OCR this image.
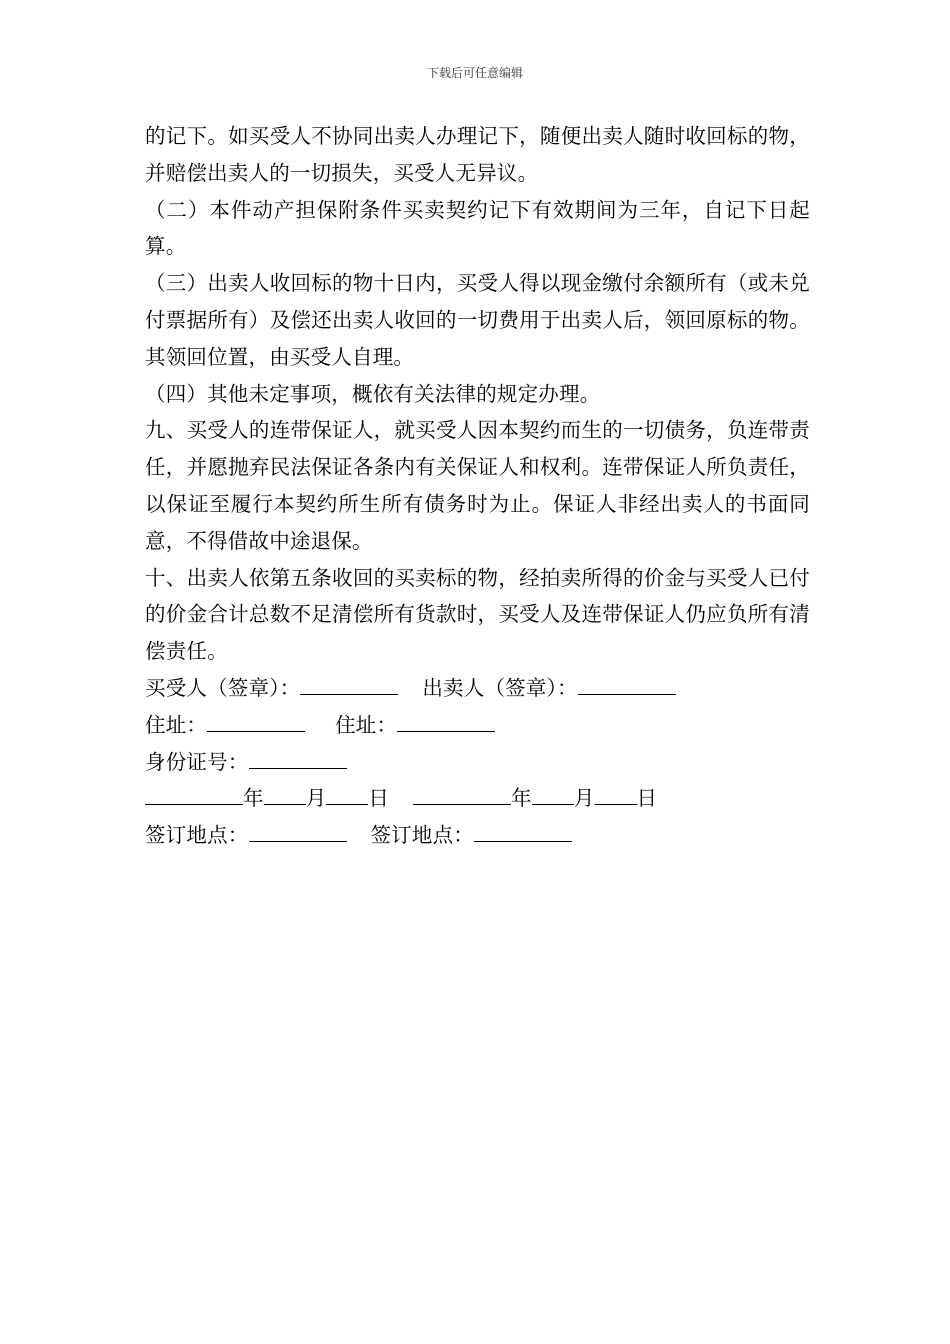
下载后可任意编辑

的记下。如买受人不协同出卖人办理记下，随便出卖人随时收回标的物，并赔偿出卖人的一切损失，买受人无异议。

（二）本件动产担保附条件买卖契约记下有效期间为三年，自记下日起算。

（三）出卖人收回标的物十日内，买受人得以现金缴付余额所有（或未兑付票据所有）及偿还出卖人收回的一切费用于出卖人后，领回原标的物。其领回位置，由买受人自理。

（四）其他未定事项，概依有关法律的规定办理。

九、买受人的连带保证人，就买受人因本契约而生的一切债务，负连带责任，并愿抛弃民法保证各条内有关保证人和权利。连带保证人所负责任，以保证至履行本契约所生所有债务时为止。保证人非经出卖人的书面同意，不得借故中途退保。

十、出卖人依第五条收回的买卖标的物，经拍卖所得的价金与买受人已付的价金合计总数不足清偿所有货款时，买受人及连带保证人仍应负所有清偿责任。

买受人（签章）：	出卖人（签章）：
住址：	住址：
身份证号：
年 月 日	年 月 日
签订地点：	签订地点：
